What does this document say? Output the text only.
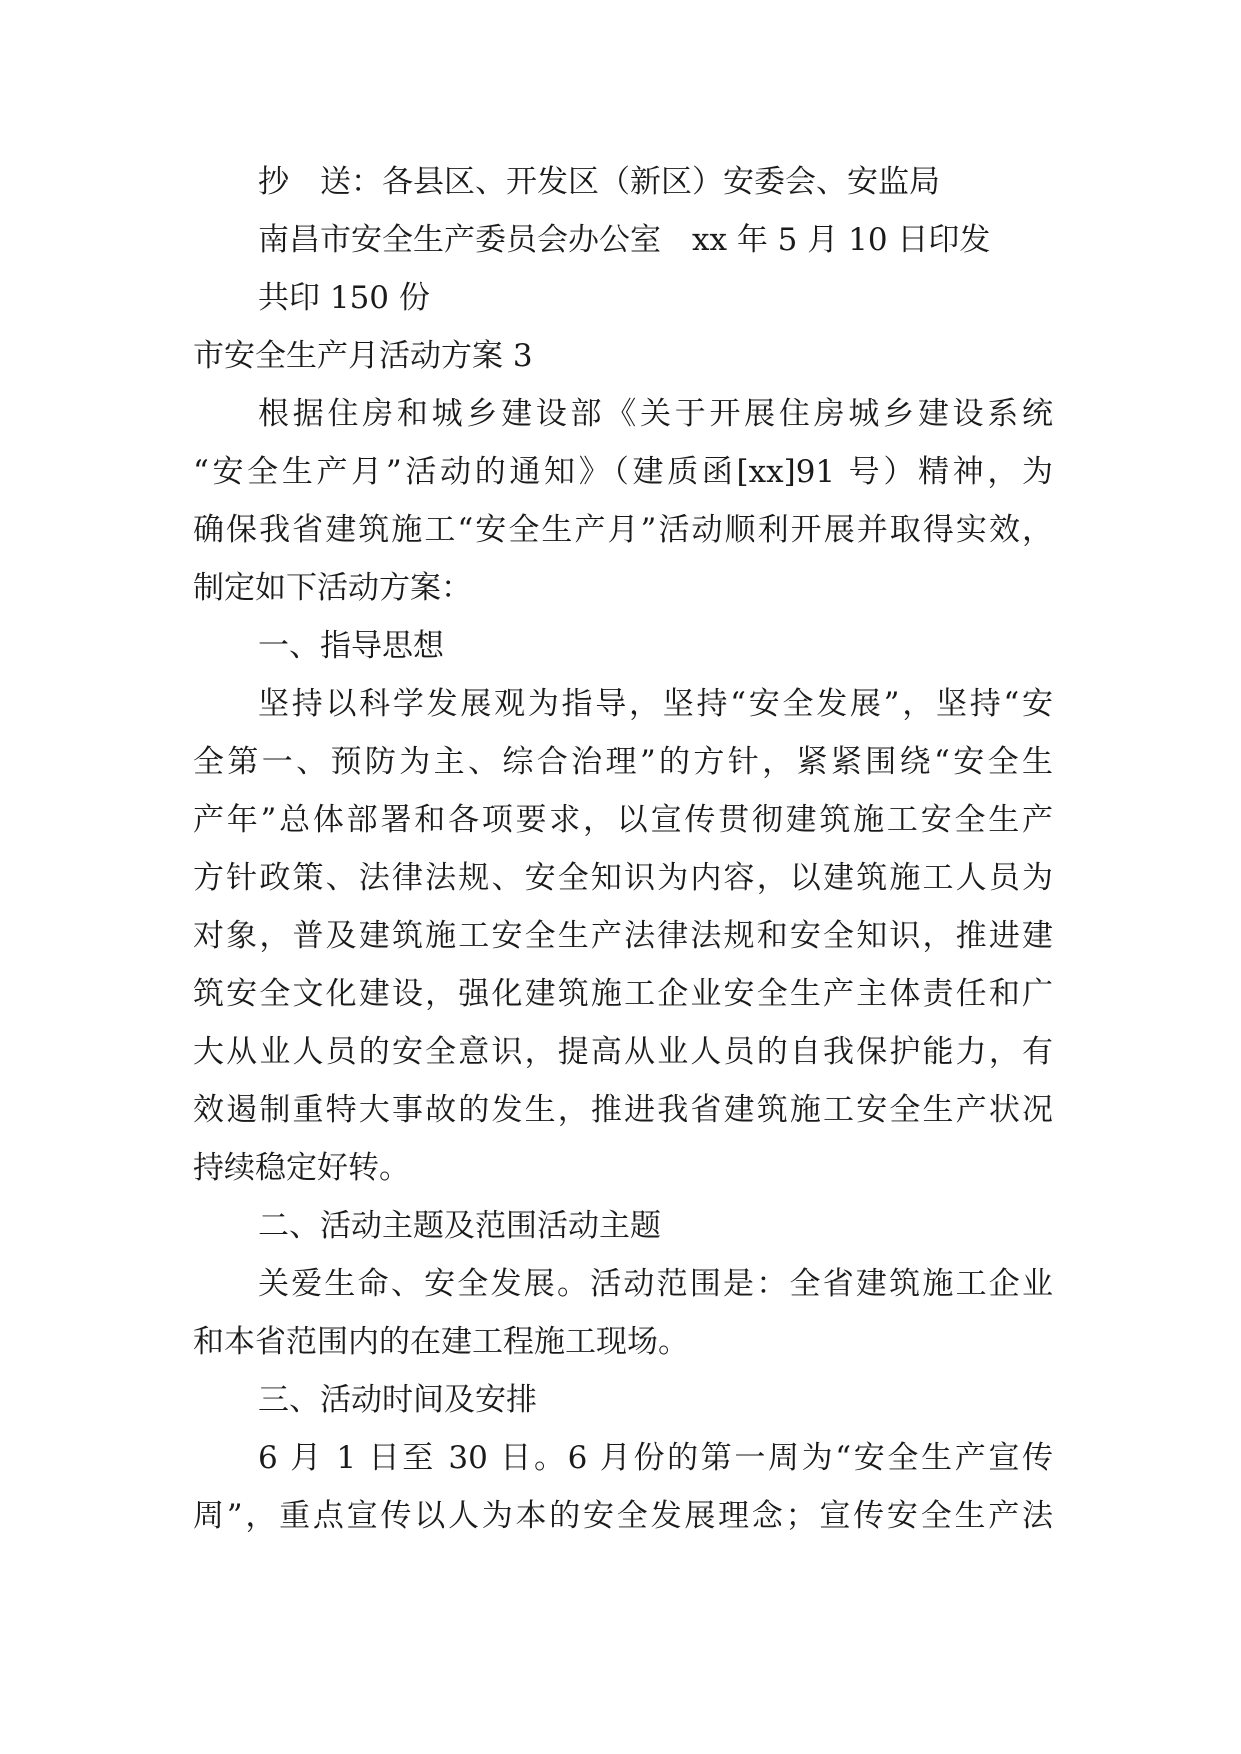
抄　送：各县区、开发区（新区）安委会、安监局
南昌市安全生产委员会办公室　xx 年 5 月 10 日印发
共印 150 份
市安全生产月活动方案 3
根据住房和城乡建设部《关于开展住房城乡建设系统
“安全生产月”活动的通知》（建质函[xx]91 号）精神，为
确保我省建筑施工“安全生产月”活动顺利开展并取得实效，
制定如下活动方案：
一、指导思想
坚持以科学发展观为指导，坚持“安全发展”，坚持“安
全第一、预防为主、综合治理”的方针，紧紧围绕“安全生
产年”总体部署和各项要求，以宣传贯彻建筑施工安全生产
方针政策、法律法规、安全知识为内容，以建筑施工人员为
对象，普及建筑施工安全生产法律法规和安全知识，推进建
筑安全文化建设，强化建筑施工企业安全生产主体责任和广
大从业人员的安全意识，提高从业人员的自我保护能力，有
效遏制重特大事故的发生，推进我省建筑施工安全生产状况
持续稳定好转。
二、活动主题及范围活动主题
关爱生命、安全发展。活动范围是：全省建筑施工企业
和本省范围内的在建工程施工现场。
三、活动时间及安排
6 月 1 日至 30 日。6 月份的第一周为“安全生产宣传
周”，重点宣传以人为本的安全发展理念；宣传安全生产法
